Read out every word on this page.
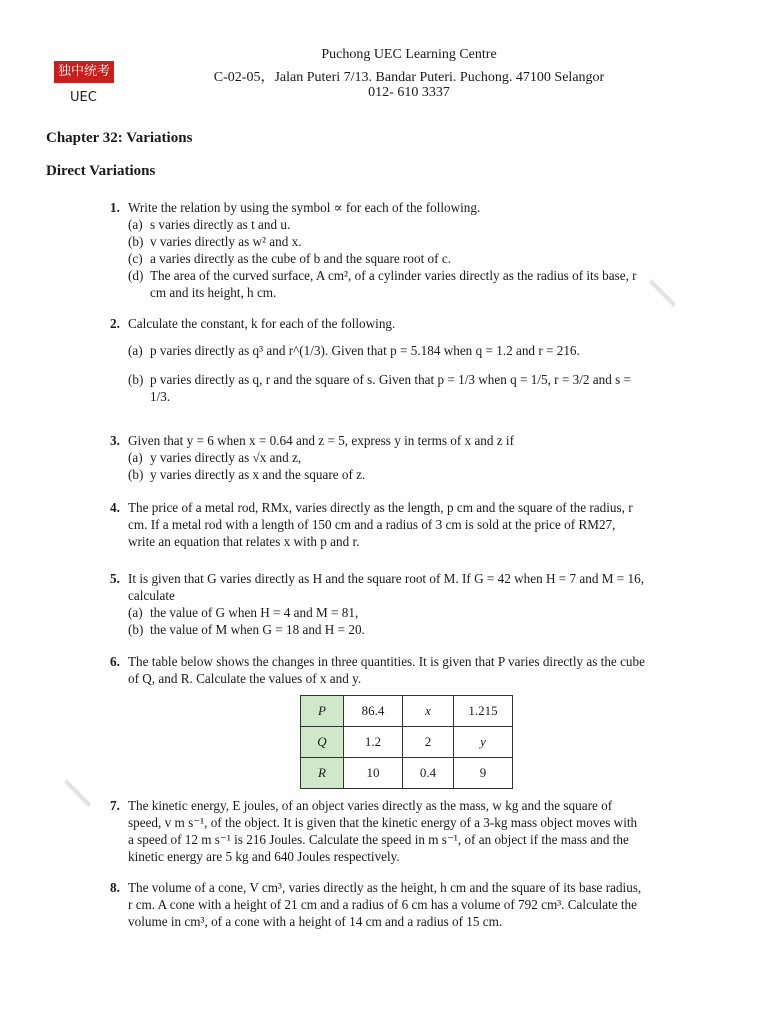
独中统考
UEC
Puchong UEC Learning Centre
C-02-05，Jalan Puteri 7/13. Bandar Puteri. Puchong. 47100 Selangor
012- 610 3337
Chapter 32: Variations
Direct Variations
/
/
1. Write the relation by using the symbol ∝ for each of the following.
(a) s varies directly as t and u.
(b) v varies directly as w² and x.
(c) a varies directly as the cube of b and the square root of c.
(d) The area of the curved surface, A cm², of a cylinder varies directly as the radius of its base, r cm and its height, h cm.
2. Calculate the constant, k for each of the following.
(a) p varies directly as q³ and r^(1/3). Given that p = 5.184 when q = 1.2 and r = 216.
(b) p varies directly as q, r and the square of s. Given that p = 1/3 when q = 1/5, r = 3/2 and s = 1/3.
3. Given that y = 6 when x = 0.64 and z = 5, express y in terms of x and z if
(a) y varies directly as √x and z,
(b) y varies directly as x and the square of z.
4. The price of a metal rod, RMx, varies directly as the length, p cm and the square of the radius, r cm. If a metal rod with a length of 150 cm and a radius of 3 cm is sold at the price of RM27, write an equation that relates x with p and r.
5. It is given that G varies directly as H and the square root of M. If G = 42 when H = 7 and M = 16, calculate
(a) the value of G when H = 4 and M = 81,
(b) the value of M when G = 18 and H = 20.
6. The table below shows the changes in three quantities. It is given that P varies directly as the cube of Q, and R. Calculate the values of x and y.
P	86.4	x	1.215
Q	1.2	2	y
R	10	0.4	9
7. The kinetic energy, E joules, of an object varies directly as the mass, w kg and the square of speed, v m s⁻¹, of the object. It is given that the kinetic energy of a 3-kg mass object moves with a speed of 12 m s⁻¹ is 216 Joules. Calculate the speed in m s⁻¹, of an object if the mass and the kinetic energy are 5 kg and 640 Joules respectively.
8. The volume of a cone, V cm³, varies directly as the height, h cm and the square of its base radius, r cm. A cone with a height of 21 cm and a radius of 6 cm has a volume of 792 cm³. Calculate the volume in cm³, of a cone with a height of 14 cm and a radius of 15 cm.
